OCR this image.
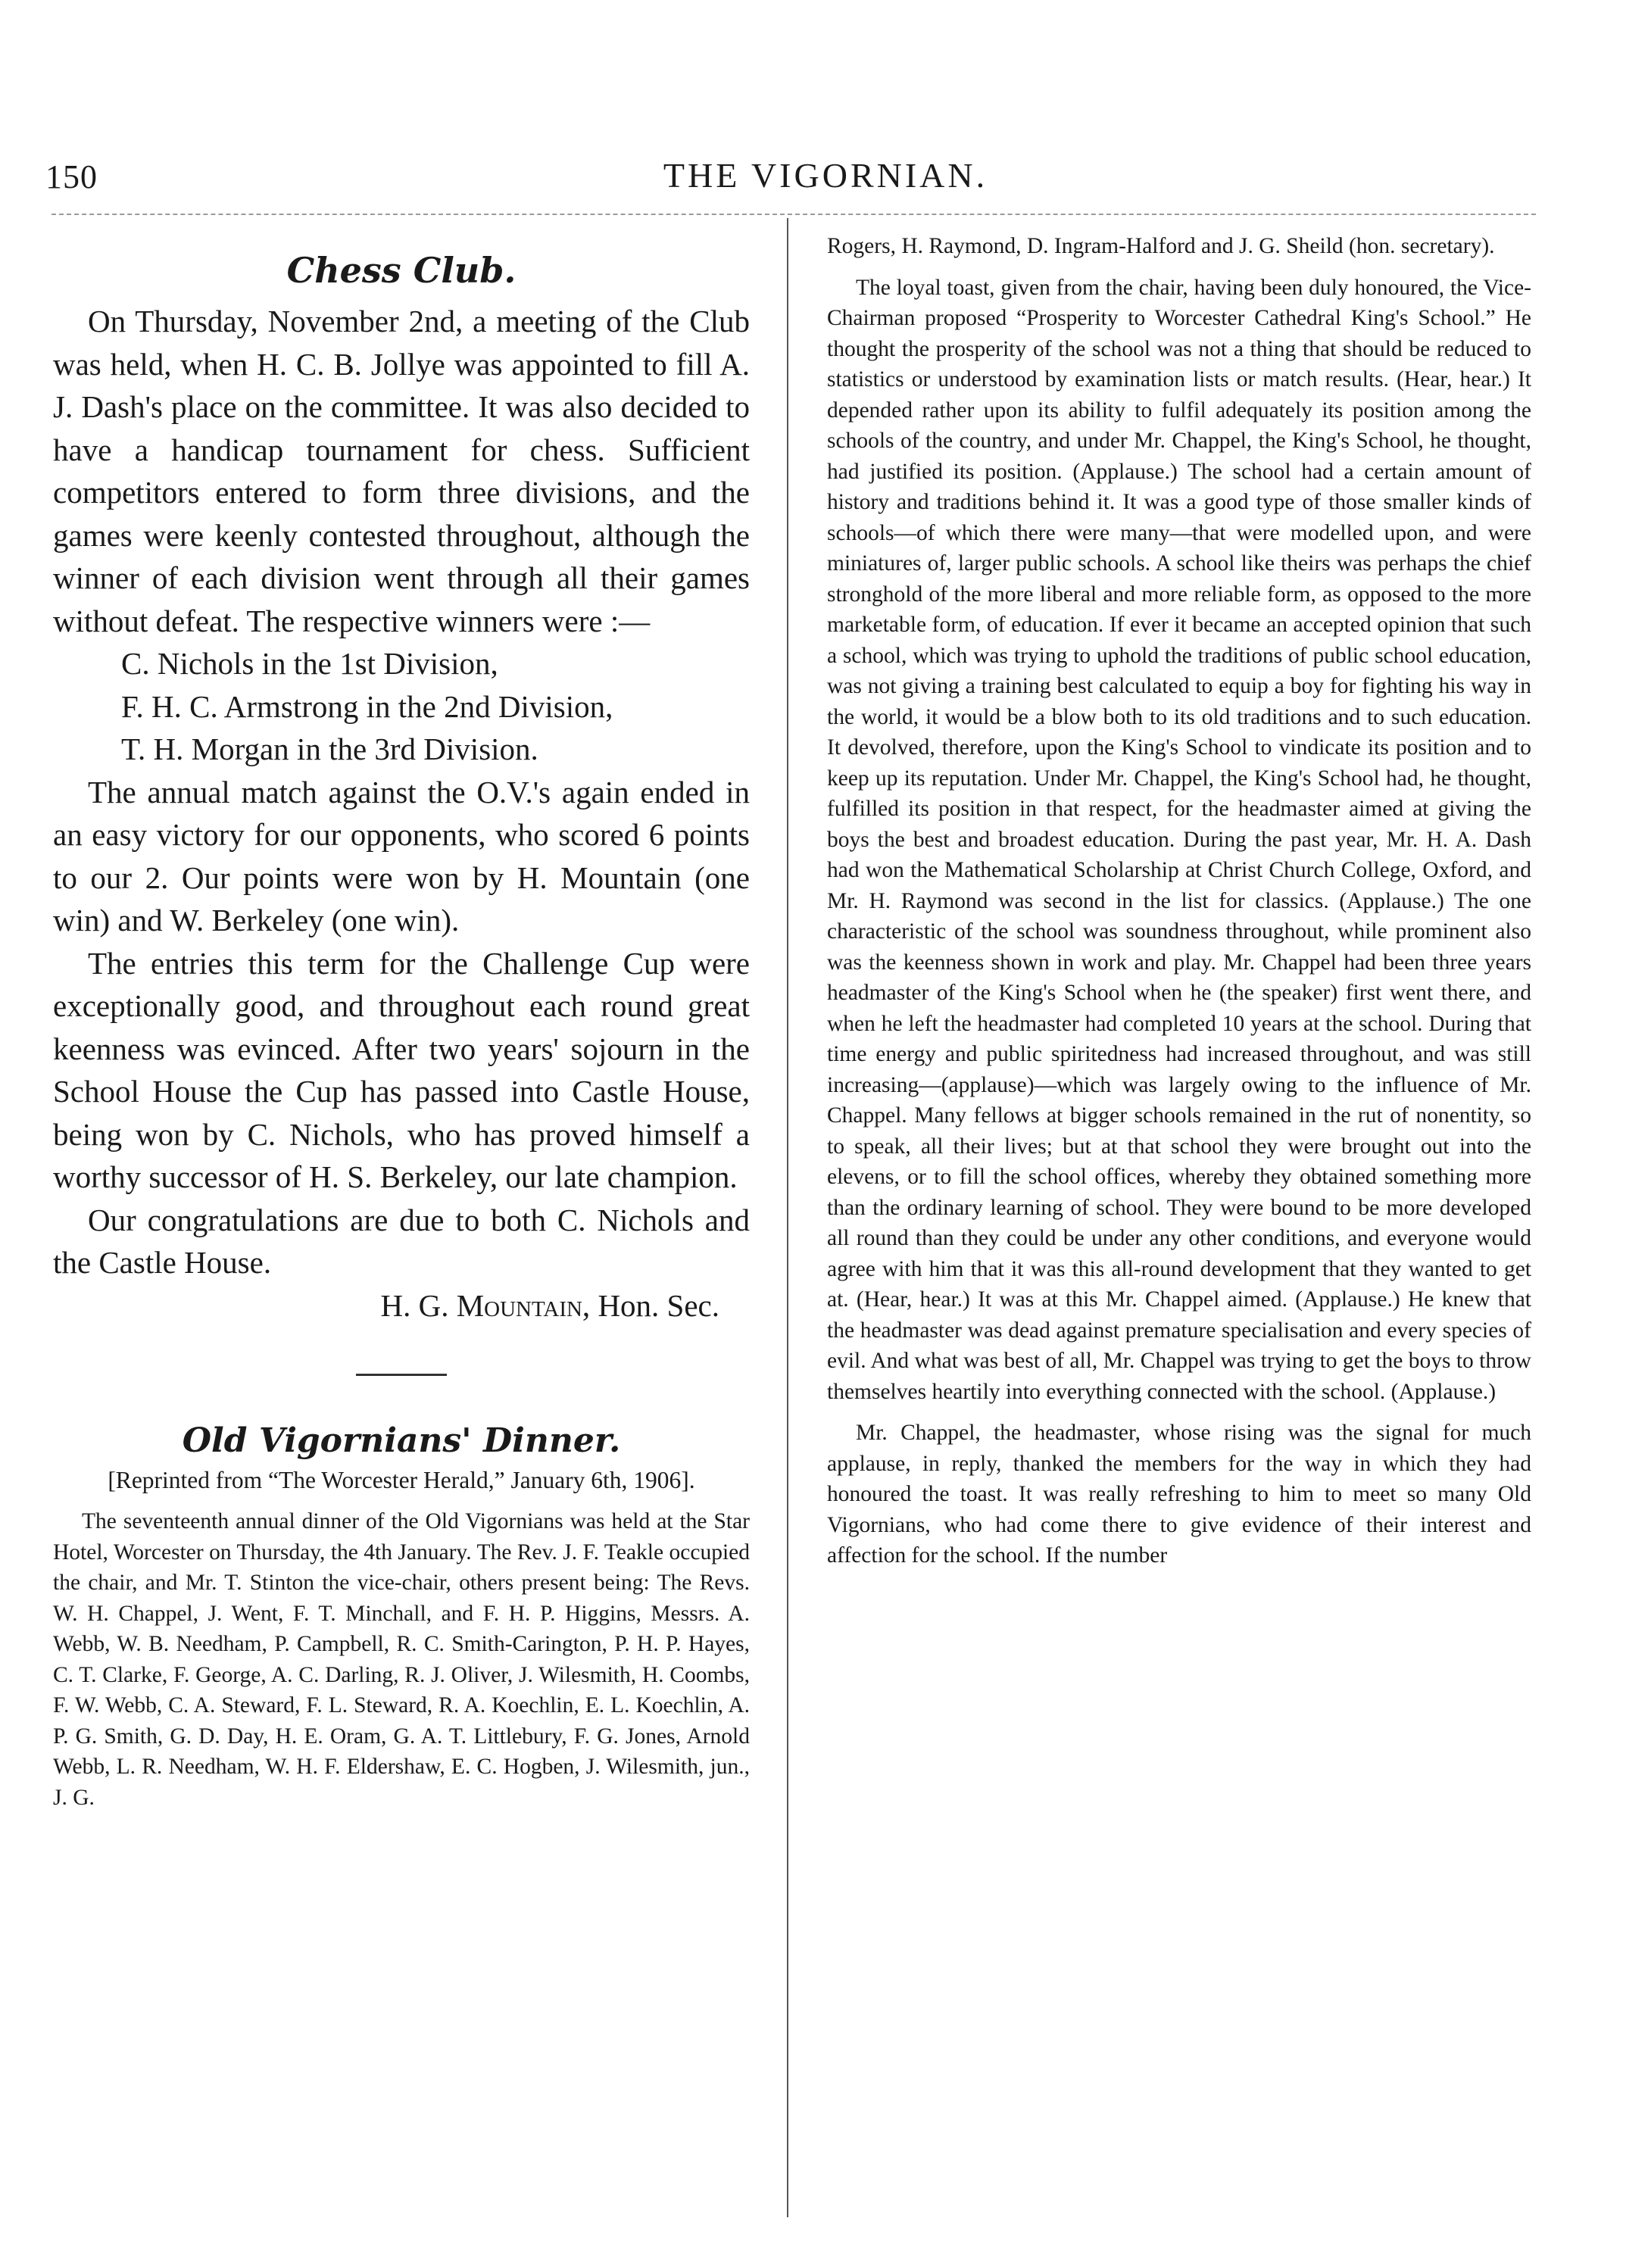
150	THE VIGORNIAN.
Chess Club.

On Thursday, November 2nd, a meeting of the Club was held, when H. C. B. Jollye was appointed to fill A. J. Dash's place on the committee. It was also decided to have a handicap tournament for chess. Sufficient competitors entered to form three divisions, and the games were keenly contested throughout, although the winner of each division went through all their games without defeat. The respective winners were :—

C. Nichols in the 1st Division,

F. H. C. Armstrong in the 2nd Division,

T. H. Morgan in the 3rd Division.

The annual match against the O.V.'s again ended in an easy victory for our opponents, who scored 6 points to our 2. Our points were won by H. Mountain (one win) and W. Berkeley (one win).

The entries this term for the Challenge Cup were exceptionally good, and throughout each round great keenness was evinced. After two years' sojourn in the School House the Cup has passed into Castle House, being won by C. Nichols, who has proved himself a worthy successor of H. S. Berkeley, our late champion.

Our congratulations are due to both C. Nichols and the Castle House.

H. G. Mountain, Hon. Sec.

Old Vigornians' Dinner.

[Reprinted from “The Worcester Herald,” January 6th, 1906].

The seventeenth annual dinner of the Old Vigornians was held at the Star Hotel, Worcester on Thursday, the 4th January. The Rev. J. F. Teakle occupied the chair, and Mr. T. Stinton the vice-chair, others present being: The Revs. W. H. Chappel, J. Went, F. T. Minchall, and F. H. P. Higgins, Messrs. A. Webb, W. B. Needham, P. Campbell, R. C. Smith-Carington, P. H. P. Hayes, C. T. Clarke, F. George, A. C. Darling, R. J. Oliver, J. Wilesmith, H. Coombs, F. W. Webb, C. A. Steward, F. L. Steward, R. A. Koechlin, E. L. Koechlin, A. P. G. Smith, G. D. Day, H. E. Oram, G. A. T. Littlebury, F. G. Jones, Arnold Webb, L. R. Needham, W. H. F. Eldershaw, E. C. Hogben, J. Wilesmith, jun., J. G.

Rogers, H. Raymond, D. Ingram-Halford and J. G. Sheild (hon. secretary).

The loyal toast, given from the chair, having been duly honoured, the Vice-Chairman proposed “Prosperity to Worcester Cathedral King's School.” He thought the prosperity of the school was not a thing that should be reduced to statistics or understood by examination lists or match results. (Hear, hear.) It depended rather upon its ability to fulfil adequately its position among the schools of the country, and under Mr. Chappel, the King's School, he thought, had justified its position. (Applause.) The school had a certain amount of history and traditions behind it. It was a good type of those smaller kinds of schools—of which there were many—that were modelled upon, and were miniatures of, larger public schools. A school like theirs was perhaps the chief stronghold of the more liberal and more reliable form, as opposed to the more marketable form, of education. If ever it became an accepted opinion that such a school, which was trying to uphold the traditions of public school education, was not giving a training best calculated to equip a boy for fighting his way in the world, it would be a blow both to its old traditions and to such education. It devolved, therefore, upon the King's School to vindicate its position and to keep up its reputation. Under Mr. Chappel, the King's School had, he thought, fulfilled its position in that respect, for the headmaster aimed at giving the boys the best and broadest education. During the past year, Mr. H. A. Dash had won the Mathematical Scholarship at Christ Church College, Oxford, and Mr. H. Raymond was second in the list for classics. (Applause.) The one characteristic of the school was soundness throughout, while prominent also was the keenness shown in work and play. Mr. Chappel had been three years headmaster of the King's School when he (the speaker) first went there, and when he left the headmaster had completed 10 years at the school. During that time energy and public spiritedness had increased throughout, and was still increasing—(applause)—which was largely owing to the influence of Mr. Chappel. Many fellows at bigger schools remained in the rut of nonentity, so to speak, all their lives; but at that school they were brought out into the elevens, or to fill the school offices, whereby they obtained something more than the ordinary learning of school. They were bound to be more developed all round than they could be under any other conditions, and everyone would agree with him that it was this all-round development that they wanted to get at. (Hear, hear.) It was at this Mr. Chappel aimed. (Applause.) He knew that the headmaster was dead against premature specialisation and every species of evil. And what was best of all, Mr. Chappel was trying to get the boys to throw themselves heartily into everything connected with the school. (Applause.)

Mr. Chappel, the headmaster, whose rising was the signal for much applause, in reply, thanked the members for the way in which they had honoured the toast. It was really refreshing to him to meet so many Old Vigornians, who had come there to give evidence of their interest and affection for the school. If the number
